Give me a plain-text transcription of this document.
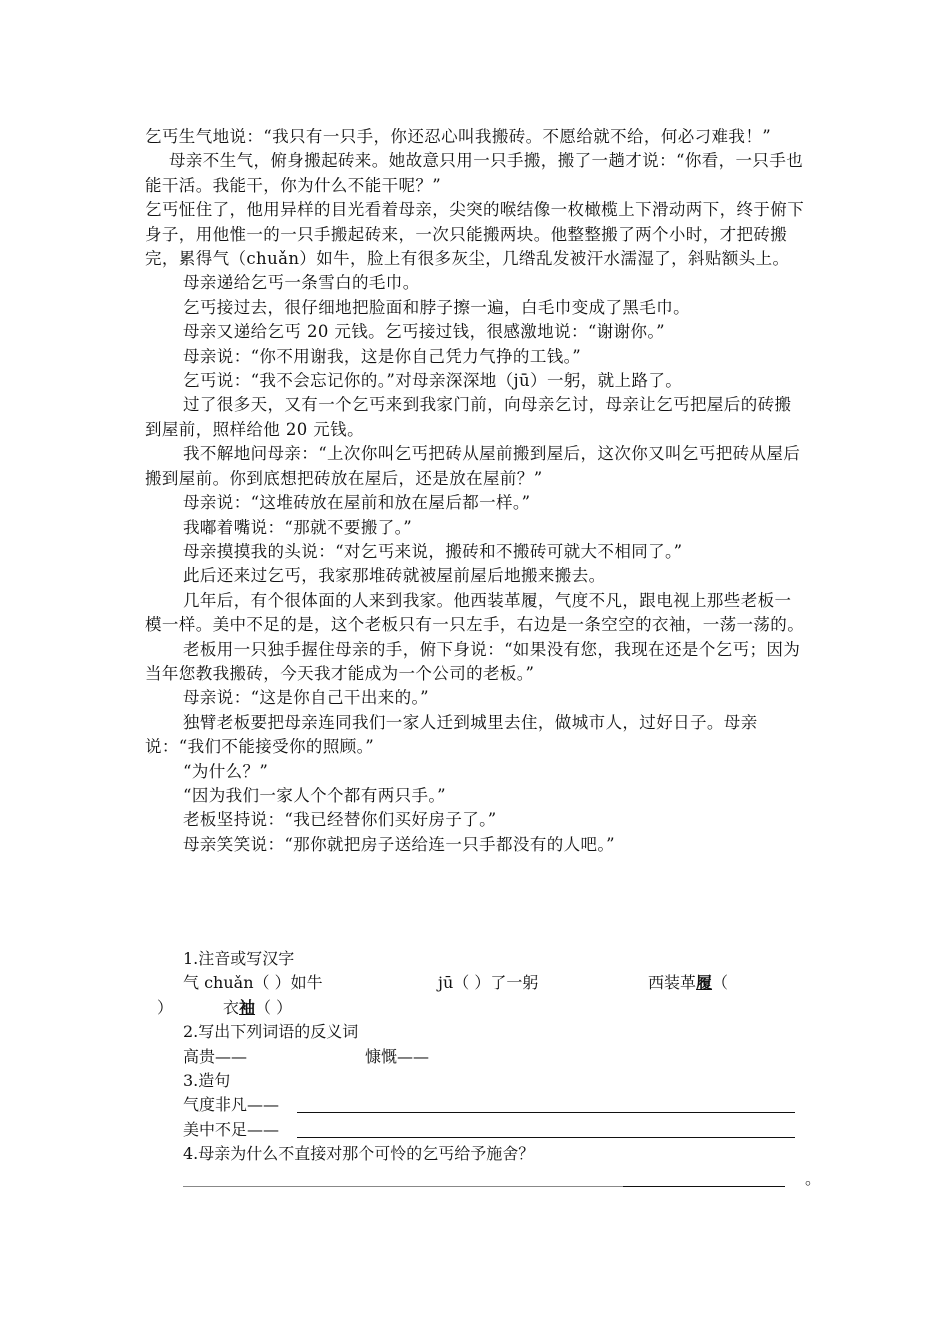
乞丐生气地说：“我只有一只手，你还忍心叫我搬砖。不愿给就不给，何必刁难我！”

母亲不生气，俯身搬起砖来。她故意只用一只手搬，搬了一趟才说：“你看，一只手也能干活。我能干，你为什么不能干呢？”

乞丐怔住了，他用异样的目光看着母亲，尖突的喉结像一枚橄榄上下滑动两下，终于俯下身子，用他惟一的一只手搬起砖来，一次只能搬两块。他整整搬了两个小时，才把砖搬完，累得气（chuǎn）如牛，脸上有很多灰尘，几绺乱发被汗水濡湿了，斜贴额头上。

母亲递给乞丐一条雪白的毛巾。

乞丐接过去，很仔细地把脸面和脖子擦一遍，白毛巾变成了黑毛巾。

母亲又递给乞丐 20 元钱。乞丐接过钱，很感激地说：“谢谢你。”

母亲说：“你不用谢我，这是你自己凭力气挣的工钱。”

乞丐说：“我不会忘记你的。”对母亲深深地（jū）一躬，就上路了。

过了很多天，又有一个乞丐来到我家门前，向母亲乞讨，母亲让乞丐把屋后的砖搬到屋前，照样给他 20 元钱。

我不解地问母亲：“上次你叫乞丐把砖从屋前搬到屋后，这次你又叫乞丐把砖从屋后搬到屋前。你到底想把砖放在屋后，还是放在屋前？”

母亲说：“这堆砖放在屋前和放在屋后都一样。”

我嘟着嘴说：“那就不要搬了。”

母亲摸摸我的头说：“对乞丐来说，搬砖和不搬砖可就大不相同了。”

此后还来过乞丐，我家那堆砖就被屋前屋后地搬来搬去。

几年后，有个很体面的人来到我家。他西装革履，气度不凡，跟电视上那些老板一模一样。美中不足的是，这个老板只有一只左手，右边是一条空空的衣袖，一荡一荡的。

老板用一只独手握住母亲的手，俯下身说：“如果没有您，我现在还是个乞丐；因为当年您教我搬砖，今天我才能成为一个公司的老板。”

母亲说：“这是你自己干出来的。”

独臂老板要把母亲连同我们一家人迁到城里去住，做城市人，过好日子。母亲说：“我们不能接受你的照顾。”

“为什么？”

“因为我们一家人个个都有两只手。”

老板坚持说：“我已经替你们买好房子了。”

母亲笑笑说：“那你就把房子送给连一只手都没有的人吧。”

1.注音或写汉字
气 chuǎn（ ）如牛	jū（ ）了一躬	西装革履（
）	衣袖（ ）
2.写出下列词语的反义词
高贵——	慷慨——
3.造句
气度非凡——
美中不足——
4.母亲为什么不直接对那个可怜的乞丐给予施舍？
。
